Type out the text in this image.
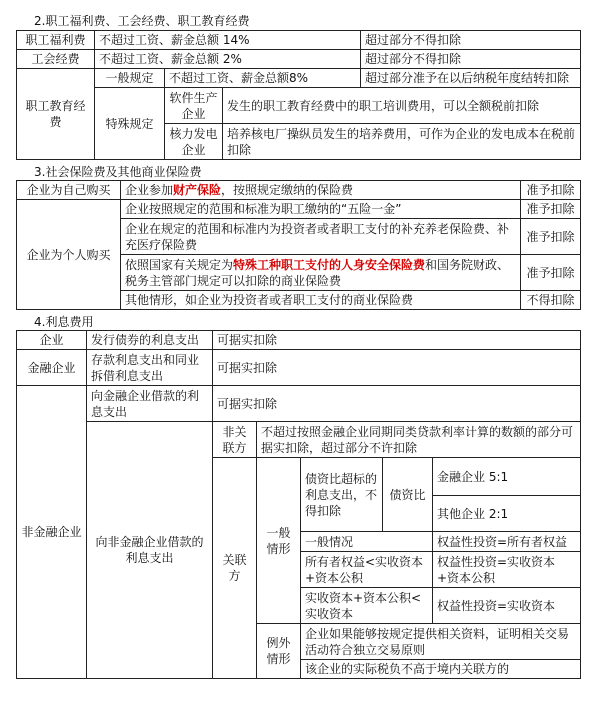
2.职工福利费、工会经费、职工教育经费
职工福利费	不超过工资、薪金总额 14%			超过部分不得扣除
工会经费	不超过工资、薪金总额 2%			超过部分不得扣除
职工教育经费	一般规定	不超过工资、薪金总额8%		超过部分准予在以后纳税年度结转扣除
	特殊规定	软件生产企业	发生的职工教育经费中的职工培训费用，可以全额税前扣除	
		核力发电企业	培养核电厂操纵员发生的培养费用，可作为企业的发电成本在税前扣除	
3.社会保险费及其他商业保险费
企业为自己购买	企业参加财产保险，按照规定缴纳的保险费	准予扣除
企业为个人购买	企业按照规定的范围和标准为职工缴纳的“五险一金”	准予扣除
	企业在规定的范围和标准内为投资者或者职工支付的补充养老保险费、补充医疗保险费	准予扣除
	依照国家有关规定为特殊工种职工支付的人身安全保险费和国务院财政、税务主管部门规定可以扣除的商业保险费	准予扣除
	其他情形，如企业为投资者或者职工支付的商业保险费	不得扣除
4.利息费用
企业	发行债券的利息支出	可据实扣除				
金融企业	存款利息支出和同业拆借利息支出	可据实扣除				
非金融企业	向金融企业借款的利息支出	可据实扣除				
	向非金融企业借款的利息支出	非关联方	不超过按照金融企业同期同类贷款利率计算的数额的部分可据实扣除，超过部分不许扣除			
		关联方	一般情形	债资比超标的利息支出，不得扣除	债资比	金融企业 5:1
						其他企业 2:1
				一般情况		权益性投资=所有者权益
				所有者权益<实收资本+资本公积		权益性投资=实收资本+资本公积
				实收资本+资本公积<实收资本		权益性投资=实收资本
			例外情形	企业如果能够按规定提供相关资料，证明相关交易活动符合独立交易原则		
				该企业的实际税负不高于境内关联方的		
